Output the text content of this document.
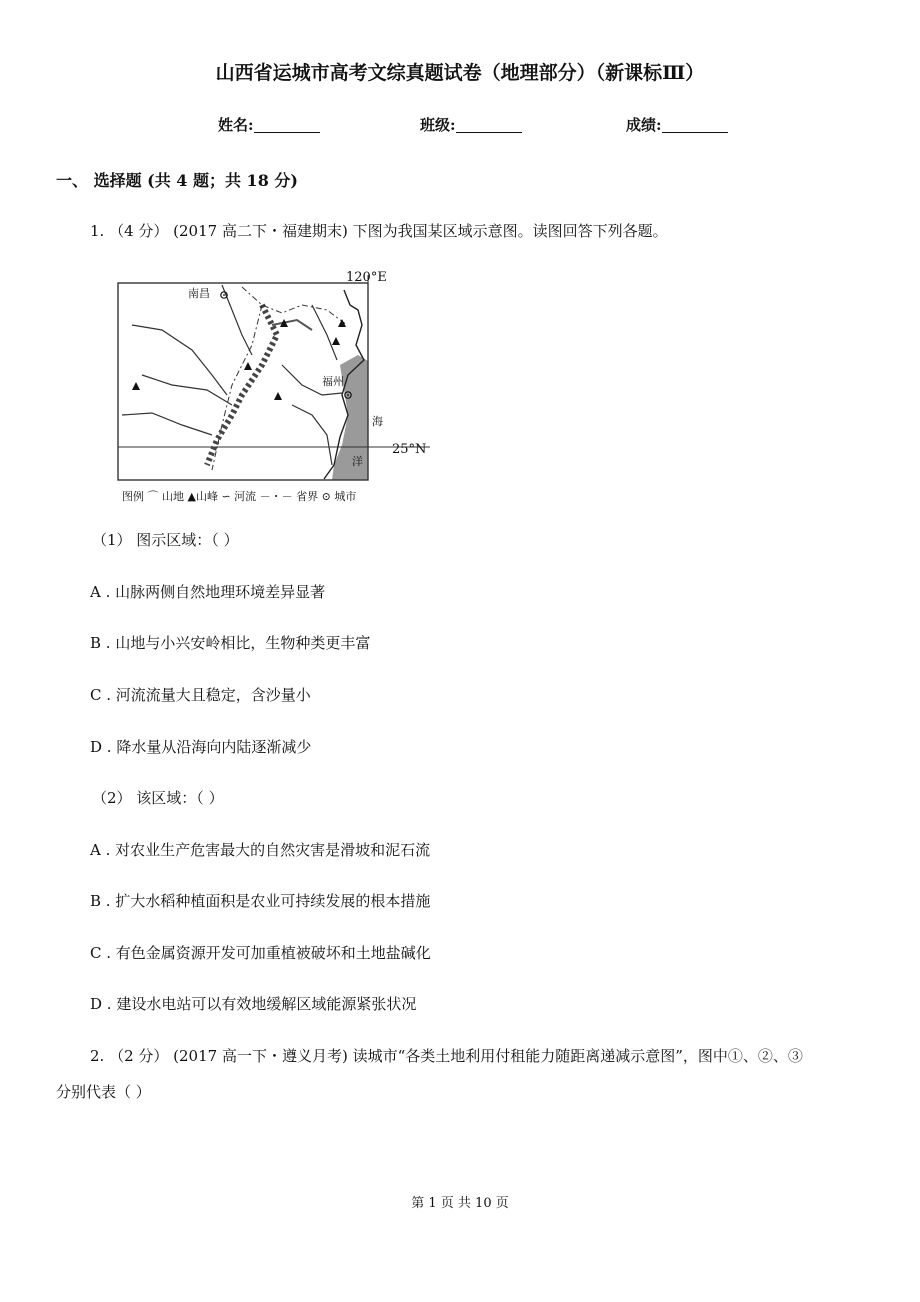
山西省运城市高考文综真题试卷（地理部分）（新课标Ⅲ）
姓名:	班级:	成绩:
一、 选择题 (共 4 题；共 18 分)
1. （4 分） (2017 高二下・福建期末) 下图为我国某区域示意图。读图回答下列各题。
120°E
25°N
南昌
福州
海
洋
图例 ⌒ 山地 ▲山峰 ∽ 河流 －・－ 省界 ⊙ 城市
（1） 图示区域：（ ）
A . 山脉两侧自然地理环境差异显著
B . 山地与小兴安岭相比，生物种类更丰富
C . 河流流量大且稳定，含沙量小
D . 降水量从沿海向内陆逐渐减少
（2） 该区域：（ ）
A . 对农业生产危害最大的自然灾害是滑坡和泥石流
B . 扩大水稻种植面积是农业可持续发展的根本措施
C . 有色金属资源开发可加重植被破坏和土地盐碱化
D . 建设水电站可以有效地缓解区域能源紧张状况
2. （2 分） (2017 高一下・遵义月考) 读城市“各类土地利用付租能力随距离递减示意图”，图中①、②、③
分别代表（ ）
第 1 页 共 10 页
